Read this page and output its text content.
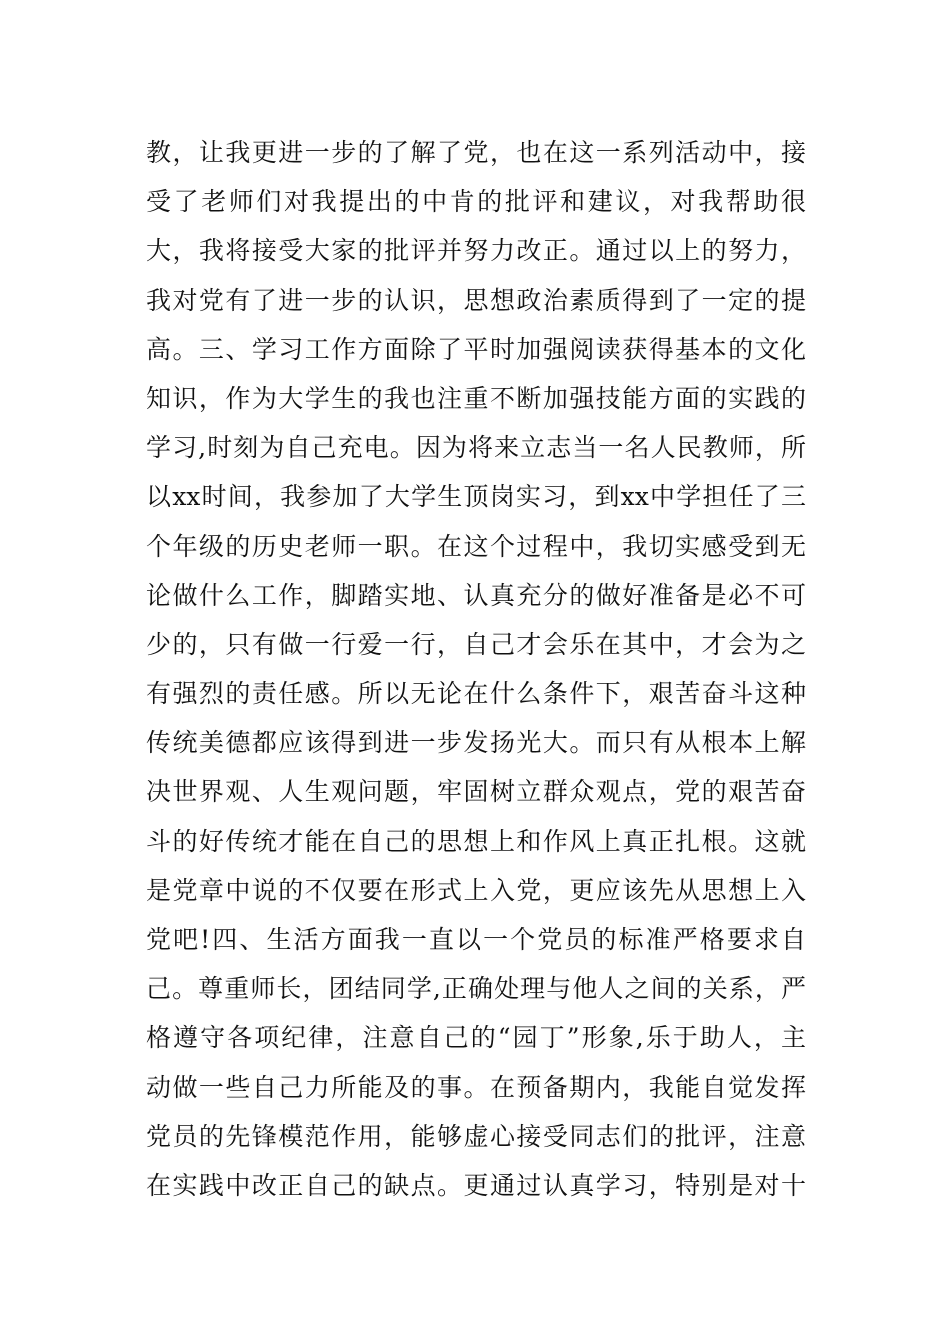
教，让我更进一步的了解了党，也在这一系列活动中，接
受了老师们对我提出的中肯的批评和建议，对我帮助很
大，我将接受大家的批评并努力改正。通过以上的努力，
我对党有了进一步的认识，思想政治素质得到了一定的提
高。三、学习工作方面除了平时加强阅读获得基本的文化
知识，作为大学生的我也注重不断加强技能方面的实践的
学习,时刻为自己充电。因为将来立志当一名人民教师，所
以xx时间，我参加了大学生顶岗实习，到xx中学担任了三
个年级的历史老师一职。在这个过程中，我切实感受到无
论做什么工作，脚踏实地、认真充分的做好准备是必不可
少的，只有做一行爱一行，自己才会乐在其中，才会为之
有强烈的责任感。所以无论在什么条件下，艰苦奋斗这种
传统美德都应该得到进一步发扬光大。而只有从根本上解
决世界观、人生观问题，牢固树立群众观点，党的艰苦奋
斗的好传统才能在自己的思想上和作风上真正扎根。这就
是党章中说的不仅要在形式上入党，更应该先从思想上入
党吧!四、生活方面我一直以一个党员的标准严格要求自
己。尊重师长，团结同学,正确处理与他人之间的关系，严
格遵守各项纪律，注意自己的“园丁”形象,乐于助人，主
动做一些自己力所能及的事。在预备期内，我能自觉发挥
党员的先锋模范作用，能够虚心接受同志们的批评，注意
在实践中改正自己的缺点。更通过认真学习，特别是对十
